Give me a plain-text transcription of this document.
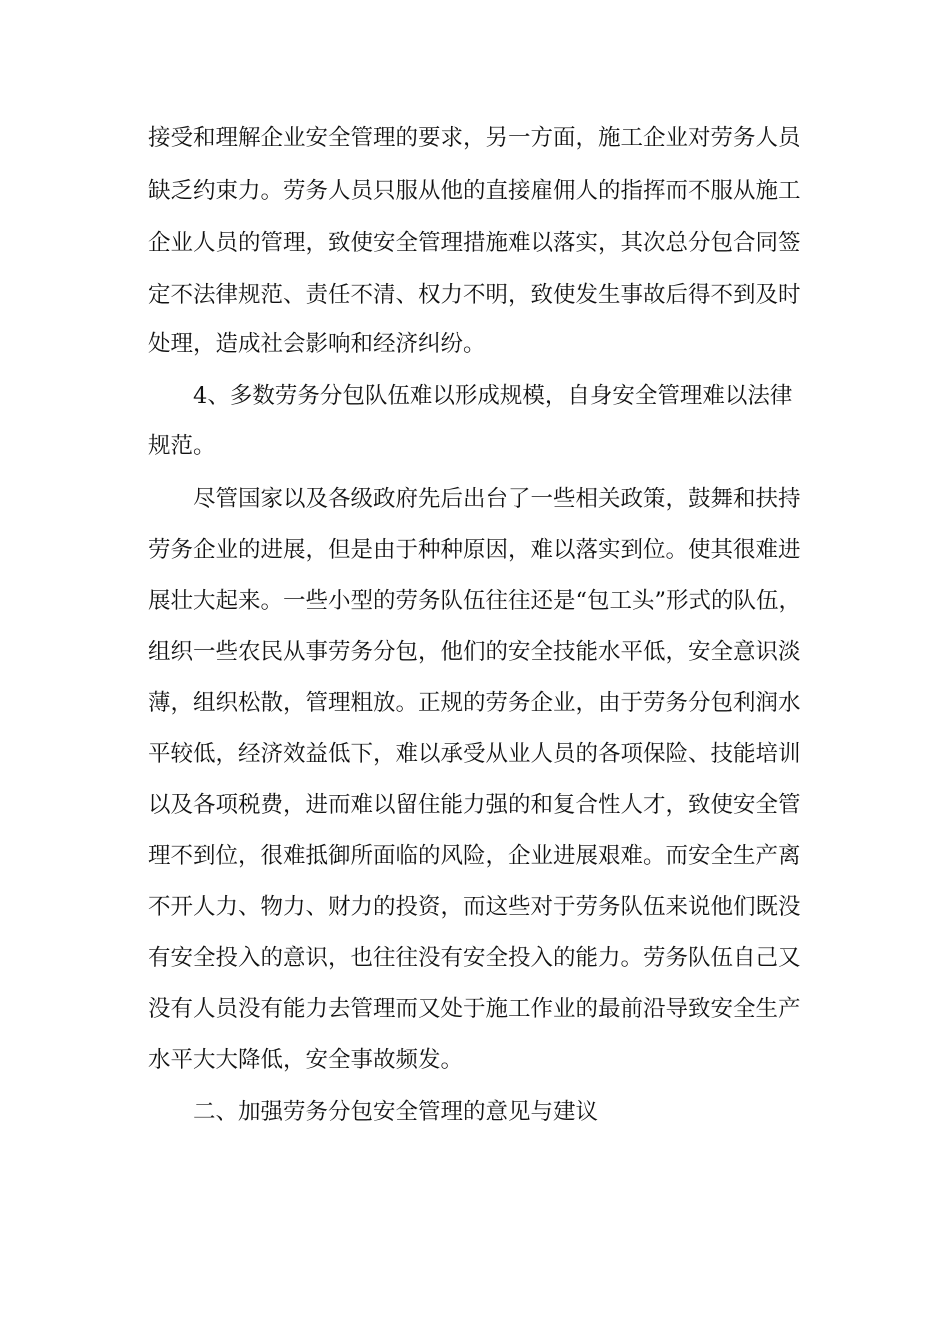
接受和理解企业安全管理的要求，另一方面，施工企业对劳务人员
缺乏约束力。劳务人员只服从他的直接雇佣人的指挥而不服从施工
企业人员的管理，致使安全管理措施难以落实，其次总分包合同签
定不法律规范、责任不清、权力不明，致使发生事故后得不到及时
处理，造成社会影响和经济纠纷。
4、多数劳务分包队伍难以形成规模，自身安全管理难以法律
规范。
尽管国家以及各级政府先后出台了一些相关政策，鼓舞和扶持
劳务企业的进展，但是由于种种原因，难以落实到位。使其很难进
展壮大起来。一些小型的劳务队伍往往还是“包工头”形式的队伍，
组织一些农民从事劳务分包，他们的安全技能水平低，安全意识淡
薄，组织松散，管理粗放。正规的劳务企业，由于劳务分包利润水
平较低，经济效益低下，难以承受从业人员的各项保险、技能培训
以及各项税费，进而难以留住能力强的和复合性人才，致使安全管
理不到位，很难抵御所面临的风险，企业进展艰难。而安全生产离
不开人力、物力、财力的投资，而这些对于劳务队伍来说他们既没
有安全投入的意识，也往往没有安全投入的能力。劳务队伍自己又
没有人员没有能力去管理而又处于施工作业的最前沿导致安全生产
水平大大降低，安全事故频发。
二、加强劳务分包安全管理的意见与建议
